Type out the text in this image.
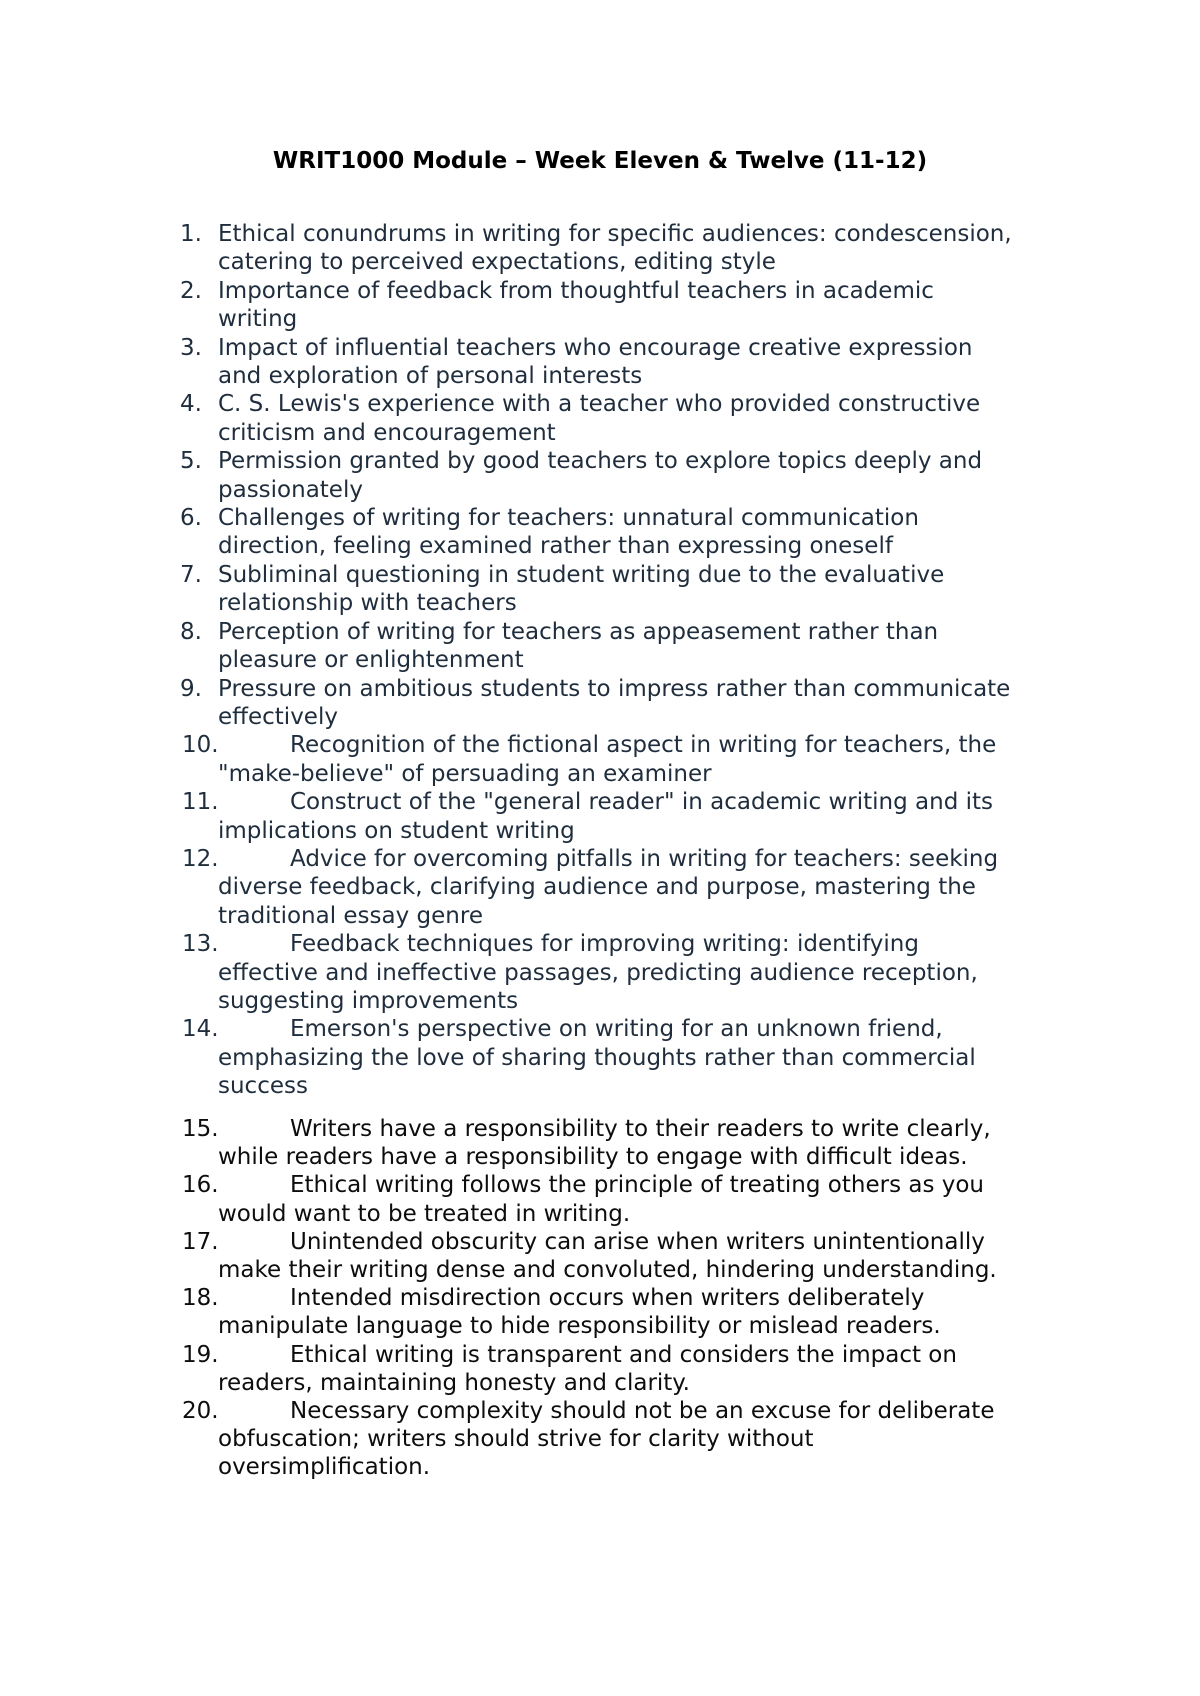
WRIT1000 Module – Week Eleven & Twelve (11-12)
1. Ethical conundrums in writing for specific audiences: condescension,
catering to perceived expectations, editing style
2. Importance of feedback from thoughtful teachers in academic
writing
3. Impact of influential teachers who encourage creative expression
and exploration of personal interests
4. C. S. Lewis's experience with a teacher who provided constructive
criticism and encouragement
5. Permission granted by good teachers to explore topics deeply and
passionately
6. Challenges of writing for teachers: unnatural communication
direction, feeling examined rather than expressing oneself
7. Subliminal questioning in student writing due to the evaluative
relationship with teachers
8. Perception of writing for teachers as appeasement rather than
pleasure or enlightenment
9. Pressure on ambitious students to impress rather than communicate
effectively
10.	Recognition of the fictional aspect in writing for teachers, the
"make-believe" of persuading an examiner
11.	Construct of the "general reader" in academic writing and its
implications on student writing
12.	Advice for overcoming pitfalls in writing for teachers: seeking
diverse feedback, clarifying audience and purpose, mastering the
traditional essay genre
13.	Feedback techniques for improving writing: identifying
effective and ineffective passages, predicting audience reception,
suggesting improvements
14.	Emerson's perspective on writing for an unknown friend,
emphasizing the love of sharing thoughts rather than commercial
success
15.	Writers have a responsibility to their readers to write clearly,
while readers have a responsibility to engage with difficult ideas.
16.	Ethical writing follows the principle of treating others as you
would want to be treated in writing.
17.	Unintended obscurity can arise when writers unintentionally
make their writing dense and convoluted, hindering understanding.
18.	Intended misdirection occurs when writers deliberately
manipulate language to hide responsibility or mislead readers.
19.	Ethical writing is transparent and considers the impact on
readers, maintaining honesty and clarity.
20.	Necessary complexity should not be an excuse for deliberate
obfuscation; writers should strive for clarity without
oversimplification.
